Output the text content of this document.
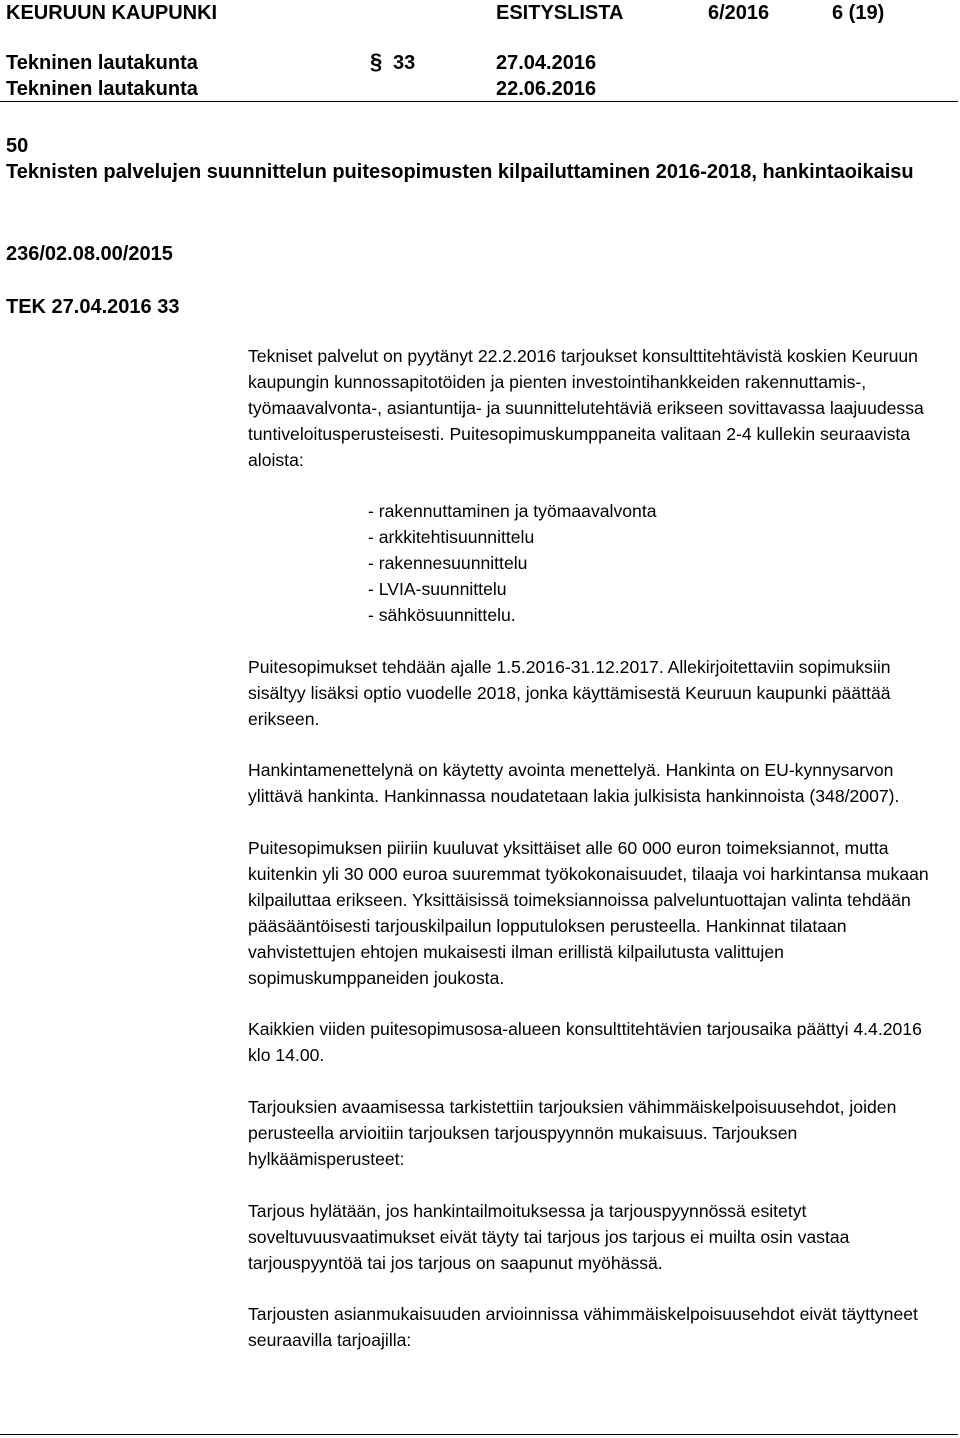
KEURUUN KAUPUNKI	ESITYSLISTA	6/2016	6 (19)
Tekninen lautakunta	§ 33	27.04.2016
Tekninen lautakunta	22.06.2016
50
Teknisten palvelujen suunnittelun puitesopimusten kilpailuttaminen 2016-2018, hankintaoikaisu
236/02.08.00/2015
TEK 27.04.2016 33

Tekniset palvelut on pyytänyt 22.2.2016 tarjoukset konsulttitehtävistä koskien Keuruun kaupungin kunnossapitotöiden ja pienten investointihankkeiden rakennuttamis-, työmaavalvonta-, asiantuntija- ja suunnittelutehtäviä erikseen sovittavassa laajuudessa tuntiveloitusperusteisesti. Puitesopimuskumppaneita valitaan 2-4 kullekin seuraavista aloista:

- rakennuttaminen ja työmaavalvonta
- arkkitehtisuunnittelu
- rakennesuunnittelu
- LVIA-suunnittelu
- sähkösuunnittelu.

Puitesopimukset tehdään ajalle 1.5.2016-31.12.2017. Allekirjoitettaviin sopimuksiin sisältyy lisäksi optio vuodelle 2018, jonka käyttämisestä Keuruun kaupunki päättää erikseen.

Hankintamenettelynä on käytetty avointa menettelyä. Hankinta on EU-kynnysarvon ylittävä hankinta. Hankinnassa noudatetaan lakia julkisista hankinnoista (348/2007).

Puitesopimuksen piiriin kuuluvat yksittäiset alle 60 000 euron toimeksiannot, mutta kuitenkin yli 30 000 euroa suuremmat työkokonaisuudet, tilaaja voi harkintansa mukaan kilpailuttaa erikseen. Yksittäisissä toimeksiannoissa palveluntuottajan valinta tehdään pääsääntöisesti tarjouskilpailun lopputuloksen perusteella. Hankinnat tilataan vahvistettujen ehtojen mukaisesti ilman erillistä kilpailutusta valittujen sopimuskumppaneiden joukosta.

Kaikkien viiden puitesopimusosa-alueen konsulttitehtävien tarjousaika päättyi 4.4.2016 klo 14.00.

Tarjouksien avaamisessa tarkistettiin tarjouksien vähimmäiskelpoisuusehdot, joiden perusteella arvioitiin tarjouksen tarjouspyynnön mukaisuus. Tarjouksen hylkäämisperusteet:

Tarjous hylätään, jos hankintailmoituksessa ja tarjouspyynnössä esitetyt soveltuvuusvaatimukset eivät täyty tai tarjous jos tarjous ei muilta osin vastaa tarjouspyyntöä tai jos tarjous on saapunut myöhässä.

Tarjousten asianmukaisuuden arvioinnissa vähimmäiskelpoisuusehdot eivät täyttyneet seuraavilla tarjoajilla:
